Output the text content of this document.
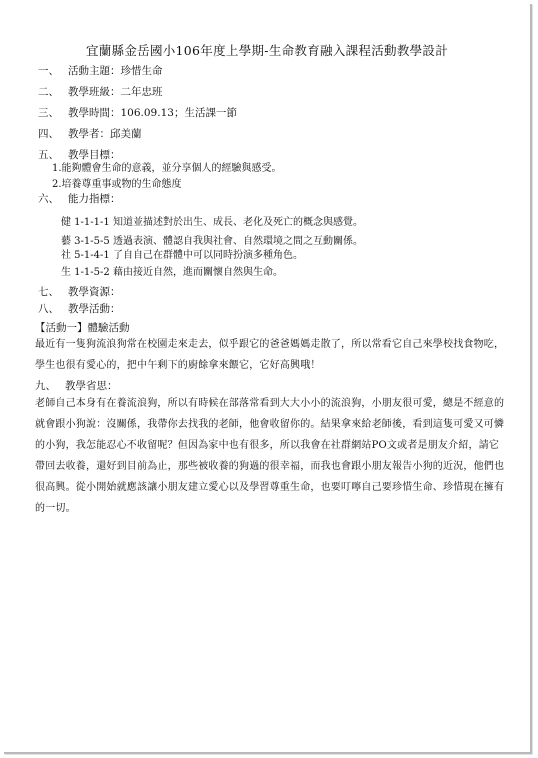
宜蘭縣金岳國小106年度上學期-生命教育融入課程活動教學設計
一、 活動主題：珍惜生命
二、 教學班級：二年忠班
三、 教學時間：106.09.13；生活課一節
四、 教學者：邱美蘭
五、 教學目標：
1.能夠體會生命的意義，並分享個人的經驗與感受。
2.培養尊重事或物的生命態度
六、 能力指標：
健 1-1-1-1 知道並描述對於出生、成長、老化及死亡的概念與感覺。
藝 3-1-5-5 透過表演、體認自我與社會、自然環境之間之互動關係。
社 5-1-4-1 了自自己在群體中可以同時扮演多種角色。
生 1-1-5-2 藉由接近自然，進而關懷自然與生命。
七、 教學資源：
八、 教學活動：
【活動一】體驗活動
最近有一隻狗流浪狗常在校園走來走去，似乎跟它的爸爸媽媽走散了，所以常看它自己來學校找食物吃，學生也很有愛心的，把中午剩下的廚餘拿來餵它，它好高興哦！
九、 教學省思：
老師自己本身有在養流浪狗，所以有時候在部落常看到大大小小的流浪狗，小朋友很可愛，總是不經意的就會跟小狗說：沒關係，我帶你去找我的老師，他會收留你的。結果拿來給老師後，看到這隻可愛又可憐的小狗，我怎能忍心不收留呢？但因為家中也有很多，所以我會在社群網站PO文或者是朋友介紹，請它帶回去收養，還好到目前為止，那些被收養的狗過的很幸福，而我也會跟小朋友報告小狗的近況，他們也很高興。從小開始就應該讓小朋友建立愛心以及學習尊重生命，也要叮嚀自己要珍惜生命、珍惜現在擁有的一切。
